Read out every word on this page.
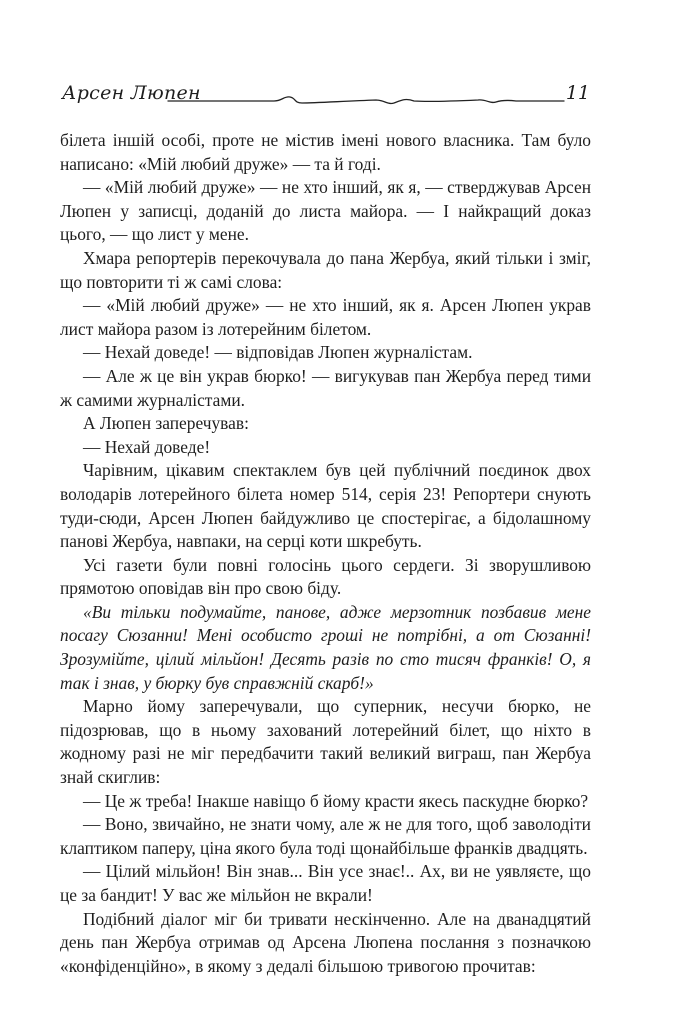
Арсен Люпен	11

білета іншій особі, проте не містив імені нового власника. Там було написано: «Мій любий друже» — та й годі.

— «Мій любий друже» — не хто інший, як я, — стверджував Арсен Люпен у записці, доданій до листа майора. — І найкращий доказ цього, — що лист у мене.

Хмара репортерів перекочувала до пана Жербуа, який тільки і зміг, що повторити ті ж самі слова:

— «Мій любий друже» — не хто інший, як я. Арсен Люпен украв лист майора разом із лотерейним білетом.

— Нехай доведе! — відповідав Люпен журналістам.

— Але ж це він украв бюрко! — вигукував пан Жербуа перед тими ж самими журналістами.

А Люпен заперечував:

— Нехай доведе!

Чарівним, цікавим спектаклем був цей публічний поєдинок двох володарів лотерейного білета номер 514, серія 23! Репортери снують туди-сюди, Арсен Люпен байдужливо це спостерігає, а бідолашному панові Жербуа, навпаки, на серці коти шкребуть.

Усі газети були повні голосінь цього сердеги. Зі зворушливою прямотою оповідав він про свою біду.

«Ви тільки подумайте, панове, адже мерзотник позбавив мене посагу Сюзанни! Мені особисто гроші не потрібні, а от Сюзанні! Зрозумійте, цілий мільйон! Десять разів по сто тисяч франків! О, я так і знав, у бюрку був справжній скарб!»

Марно йому заперечували, що суперник, несучи бюрко, не підозрював, що в ньому захований лотерейний білет, що ніхто в жодному разі не міг передбачити такий великий виграш, пан Жербуа знай скиглив:

— Це ж треба! Інакше навіщо б йому красти якесь паскудне бюрко?

— Воно, звичайно, не знати чому, але ж не для того, щоб заволодіти клаптиком паперу, ціна якого була тоді щонайбільше франків двадцять.

— Цілий мільйон! Він знав... Він усе знає!.. Ах, ви не уявляєте, що це за бандит! У вас же мільйон не вкрали!

Подібний діалог міг би тривати нескінченно. Але на дванадцятий день пан Жербуа отримав од Арсена Люпена послання з позначкою «конфіденційно», в якому з дедалі більшою тривогою прочитав:
